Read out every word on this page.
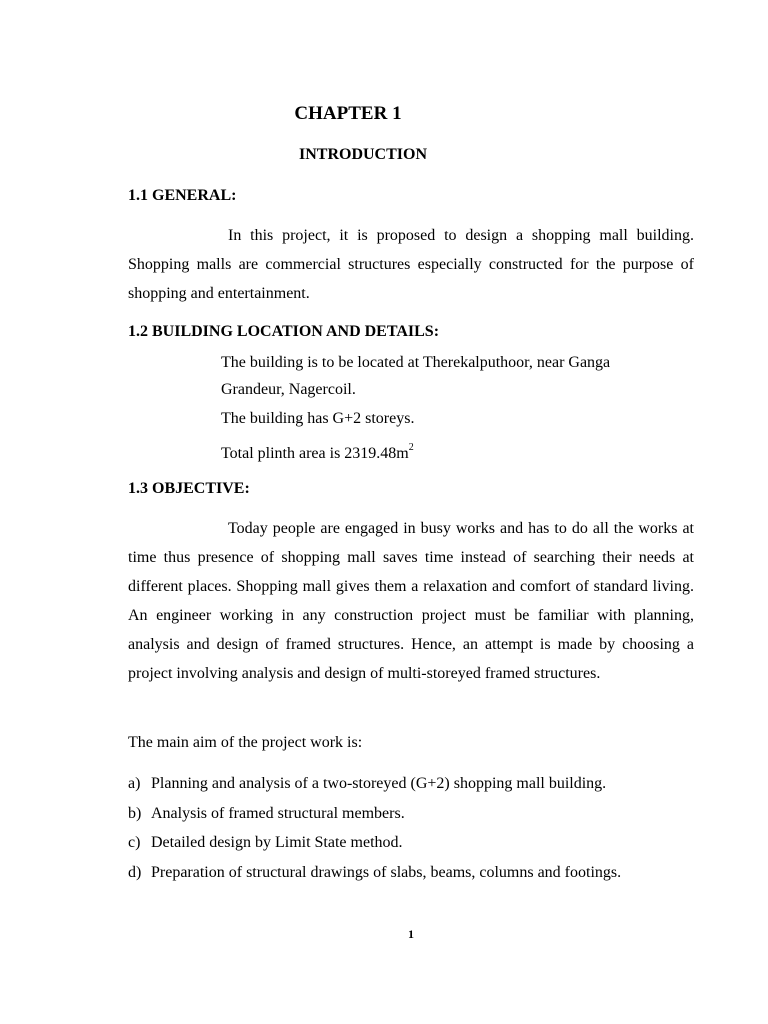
CHAPTER 1
INTRODUCTION
1.1 GENERAL:
In this project, it is proposed to design a shopping mall building. Shopping malls are commercial structures especially constructed for the purpose of shopping and entertainment.
1.2 BUILDING LOCATION AND DETAILS:
The building is to be located at Therekalputhoor, near Ganga
Grandeur, Nagercoil.
The building has G+2 storeys.
Total plinth area is $2319.48m^2$
1.3 OBJECTIVE:
Today people are engaged in busy works and has to do all the works at time thus presence of shopping mall saves time instead of searching their needs at different places. Shopping mall gives them a relaxation and comfort of standard living. An engineer working in any construction project must be familiar with planning, analysis and design of framed structures. Hence, an attempt is made by choosing a project involving analysis and design of multi-storeyed framed structures.
The main aim of the project work is:
a) Planning and analysis of a two-storeyed (G+2) shopping mall building.
b) Analysis of framed structural members.
c) Detailed design by Limit State method.
d) Preparation of structural drawings of slabs, beams, columns and footings.
1
